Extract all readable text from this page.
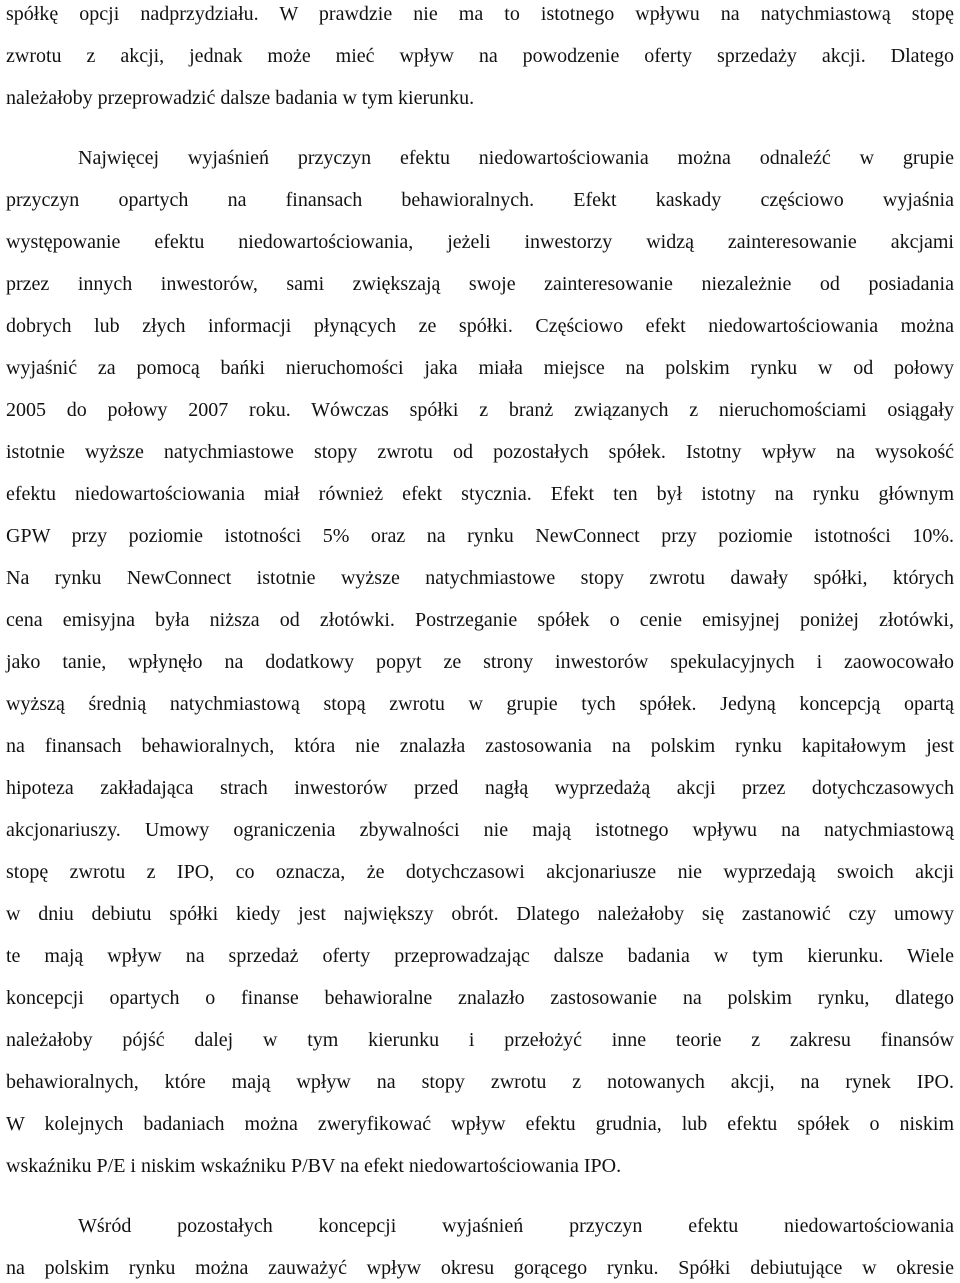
spółkę opcji nadprzydziału. W prawdzie nie ma to istotnego wpływu na natychmiastową stopę
zwrotu z akcji, jednak może mieć wpływ na powodzenie oferty sprzedaży akcji. Dlatego
należałoby przeprowadzić dalsze badania w tym kierunku.
Najwięcej wyjaśnień przyczyn efektu niedowartościowania można odnaleźć w grupie
przyczyn opartych na finansach behawioralnych. Efekt kaskady częściowo wyjaśnia
występowanie efektu niedowartościowania, jeżeli inwestorzy widzą zainteresowanie akcjami
przez innych inwestorów, sami zwiększają swoje zainteresowanie niezależnie od posiadania
dobrych lub złych informacji płynących ze spółki. Częściowo efekt niedowartościowania można
wyjaśnić za pomocą bańki nieruchomości jaka miała miejsce na polskim rynku w od połowy
2005 do połowy 2007 roku. Wówczas spółki z branż związanych z nieruchomościami osiągały
istotnie wyższe natychmiastowe stopy zwrotu od pozostałych spółek. Istotny wpływ na wysokość
efektu niedowartościowania miał również efekt stycznia. Efekt ten był istotny na rynku głównym
GPW przy poziomie istotności 5% oraz na rynku NewConnect przy poziomie istotności 10%.
Na rynku NewConnect istotnie wyższe natychmiastowe stopy zwrotu dawały spółki, których
cena emisyjna była niższa od złotówki. Postrzeganie spółek o cenie emisyjnej poniżej złotówki,
jako tanie, wpłynęło na dodatkowy popyt ze strony inwestorów spekulacyjnych i zaowocowało
wyższą średnią natychmiastową stopą zwrotu w grupie tych spółek. Jedyną koncepcją opartą
na finansach behawioralnych, która nie znalazła zastosowania na polskim rynku kapitałowym jest
hipoteza zakładająca strach inwestorów przed nagłą wyprzedażą akcji przez dotychczasowych
akcjonariuszy. Umowy ograniczenia zbywalności nie mają istotnego wpływu na natychmiastową
stopę zwrotu z IPO, co oznacza, że dotychczasowi akcjonariusze nie wyprzedają swoich akcji
w dniu debiutu spółki kiedy jest największy obrót. Dlatego należałoby się zastanowić czy umowy
te mają wpływ na sprzedaż oferty przeprowadzając dalsze badania w tym kierunku. Wiele
koncepcji opartych o finanse behawioralne znalazło zastosowanie na polskim rynku, dlatego
należałoby pójść dalej w tym kierunku i przełożyć inne teorie z zakresu finansów
behawioralnych, które mają wpływ na stopy zwrotu z notowanych akcji, na rynek IPO.
W kolejnych badaniach można zweryfikować wpływ efektu grudnia, lub efektu spółek o niskim
wskaźniku P/E i niskim wskaźniku P/BV na efekt niedowartościowania IPO.
Wśród pozostałych koncepcji wyjaśnień przyczyn efektu niedowartościowania
na polskim rynku można zauważyć wpływ okresu gorącego rynku. Spółki debiutujące w okresie
